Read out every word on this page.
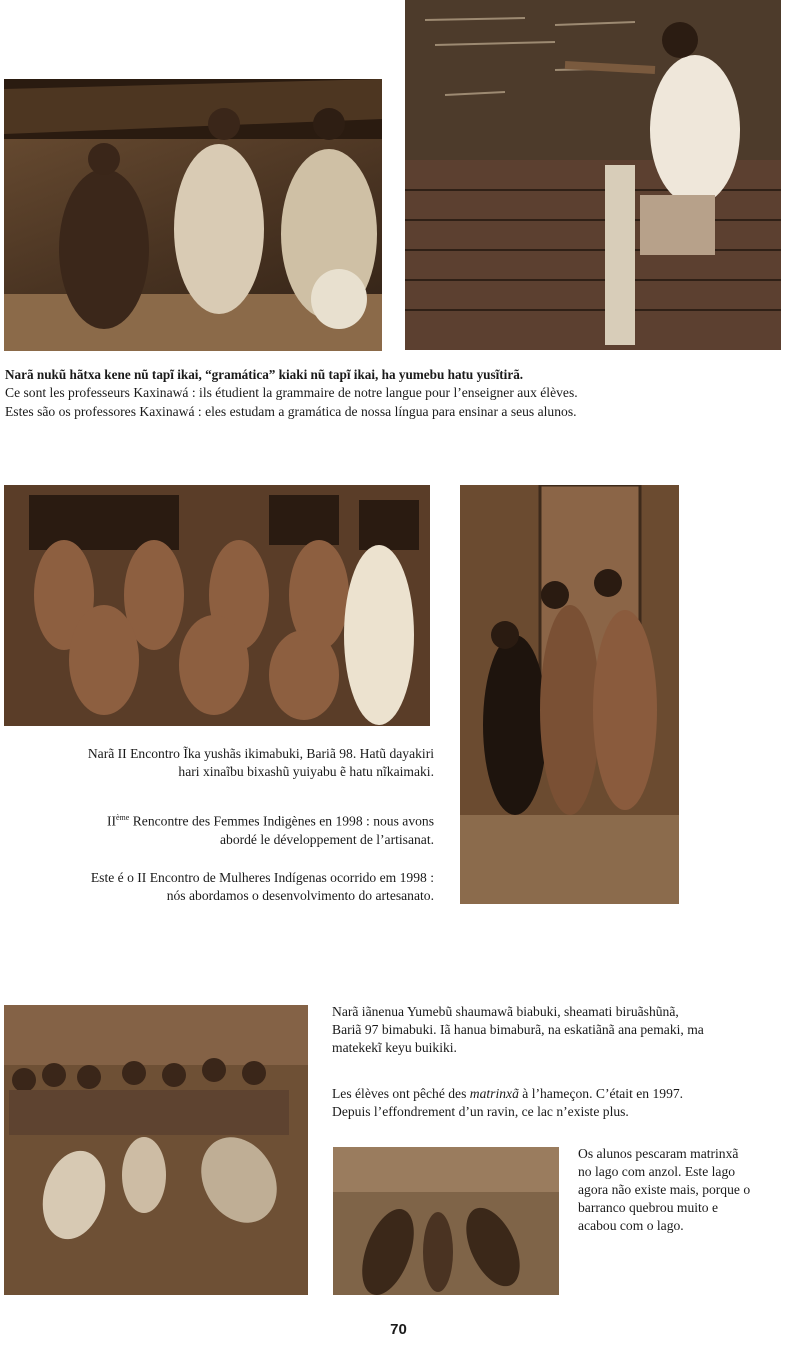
Narã nukũ hãtxa kene nũ tapĩ ikai, “gramática” kiaki nũ tapĩ ikai, ha yumebu hatu yusĩtirã.
Ce sont les professeurs Kaxinawá : ils étudient la grammaire de notre langue pour l’enseigner aux élèves.
Estes são os professores Kaxinawá : eles estudam a gramática de nossa língua para ensinar a seus alunos.

Narã II Encontro Ĩka yushãs ikimabuki, Bariã 98. Hatũ dayakiri
hari xinaĩbu bixashũ yuiyabu ẽ hatu nĩkaimaki.

IIème Rencontre des Femmes Indigènes en 1998 : nous avons
abordé le développement de l’artisanat.

Este é o II Encontro de Mulheres Indígenas ocorrido em 1998 :
nós abordamos o desenvolvimento do artesanato.

Narã iãnenua Yumebũ shaumawã biabuki, sheamati biruãshũnã,
Bariã 97 bimabuki. Iã hanua bimaburã, na eskatiãnã ana pemaki, ma
matekekĩ keyu buikiki.

Les élèves ont pêché des matrinxã à l’hameçon. C’était en 1997.
Depuis l’effondrement d’un ravin, ce lac n’existe plus.

Os alunos pescaram matrinxã
no lago com anzol. Este lago
agora não existe mais, porque o
barranco quebrou muito e
acabou com o lago.

70
